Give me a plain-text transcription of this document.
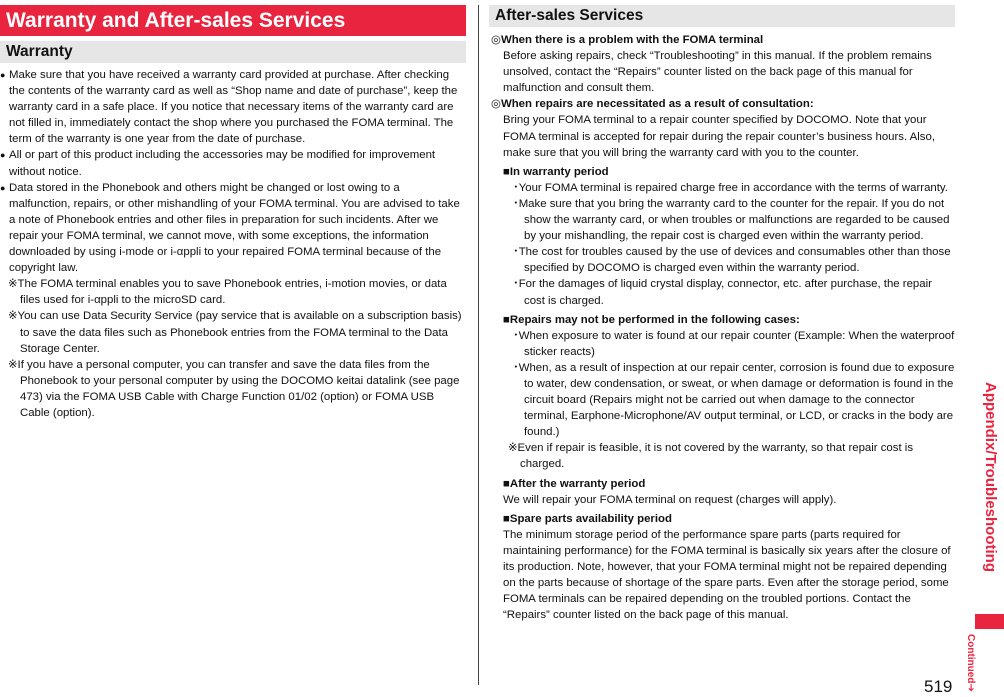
Warranty and After-sales Services
Warranty

● Make sure that you have received a warranty card provided at purchase. After checking the contents of the warranty card as well as “Shop name and date of purchase”, keep the warranty card in a safe place. If you notice that necessary items of the warranty card are not filled in, immediately contact the shop where you purchased the FOMA terminal. The term of the warranty is one year from the date of purchase.

● All or part of this product including the accessories may be modified for improvement without notice.

● Data stored in the Phonebook and others might be changed or lost owing to a malfunction, repairs, or other mishandling of your FOMA terminal. You are advised to take a note of Phonebook entries and other files in preparation for such incidents. After we repair your FOMA terminal, we cannot move, with some exceptions, the information downloaded by using i-mode or i-αppli to your repaired FOMA terminal because of the copyright law.

※The FOMA terminal enables you to save Phonebook entries, i-motion movies, or data files used for i-αppli to the microSD card.

※You can use Data Security Service (pay service that is available on a subscription basis) to save the data files such as Phonebook entries from the FOMA terminal to the Data Storage Center.

※If you have a personal computer, you can transfer and save the data files from the Phonebook to your personal computer by using the DOCOMO keitai datalink (see page 473) via the FOMA USB Cable with Charge Function 01/02 (option) or FOMA USB Cable (option).

After-sales Services

◎When there is a problem with the FOMA terminal

Before asking repairs, check “Troubleshooting” in this manual. If the problem remains unsolved, contact the “Repairs” counter listed on the back page of this manual for malfunction and consult them.

◎When repairs are necessitated as a result of consultation:

Bring your FOMA terminal to a repair counter specified by DOCOMO. Note that your FOMA terminal is accepted for repair during the repair counter’s business hours. Also, make sure that you will bring the warranty card with you to the counter.

■In warranty period

･Your FOMA terminal is repaired charge free in accordance with the terms of warranty.

･Make sure that you bring the warranty card to the counter for the repair. If you do not show the warranty card, or when troubles or malfunctions are regarded to be caused by your mishandling, the repair cost is charged even within the warranty period.

･The cost for troubles caused by the use of devices and consumables other than those specified by DOCOMO is charged even within the warranty period.

･For the damages of liquid crystal display, connector, etc. after purchase, the repair cost is charged.

■Repairs may not be performed in the following cases:

･When exposure to water is found at our repair counter (Example: When the waterproof sticker reacts)

･When, as a result of inspection at our repair center, corrosion is found due to exposure to water, dew condensation, or sweat, or when damage or deformation is found in the circuit board (Repairs might not be carried out when damage to the connector terminal, Earphone-Microphone/AV output terminal, or LCD, or cracks in the body are found.)

※Even if repair is feasible, it is not covered by the warranty, so that repair cost is charged.

■After the warranty period

We will repair your FOMA terminal on request (charges will apply).

■Spare parts availability period

The minimum storage period of the performance spare parts (parts required for maintaining performance) for the FOMA terminal is basically six years after the closure of its production. Note, however, that your FOMA terminal might not be repaired depending on the parts because of shortage of the spare parts. Even after the storage period, some FOMA terminals can be repaired depending on the troubled portions. Contact the “Repairs” counter listed on the back page of this manual.

Appendix/Troubleshooting
Continued➔
519
